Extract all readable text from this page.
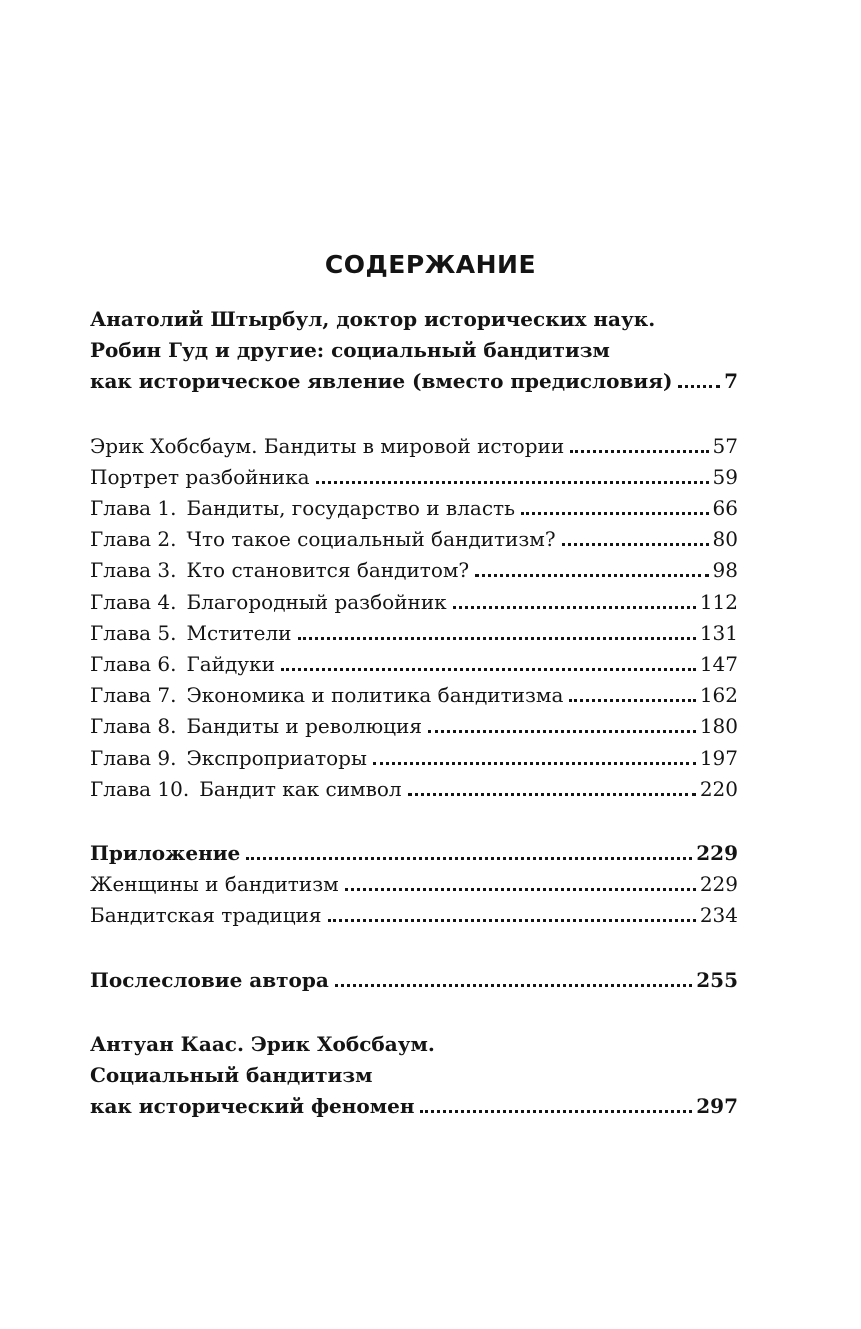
СОДЕРЖАНИЕ
Анатолий Штырбул, доктор исторических наук.
Робин Гуд и другие: социальный бандитизм
как историческое явление (вместо предисловия)	7
Эрик Хобсбаум. Бандиты в мировой истории	57
Портрет разбойника	59
Глава 1. Бандиты, государство и власть	66
Глава 2. Что такое социальный бандитизм?	80
Глава 3. Кто становится бандитом?	98
Глава 4. Благородный разбойник	112
Глава 5. Мстители	131
Глава 6. Гайдуки	147
Глава 7. Экономика и политика бандитизма	162
Глава 8. Бандиты и революция	180
Глава 9. Экспроприаторы	197
Глава 10. Бандит как символ	220
Приложение	229
Женщины и бандитизм	229
Бандитская традиция	234
Послесловие автора	255
Антуан Каас. Эрик Хобсбаум.
Социальный бандитизм
как исторический феномен	297
